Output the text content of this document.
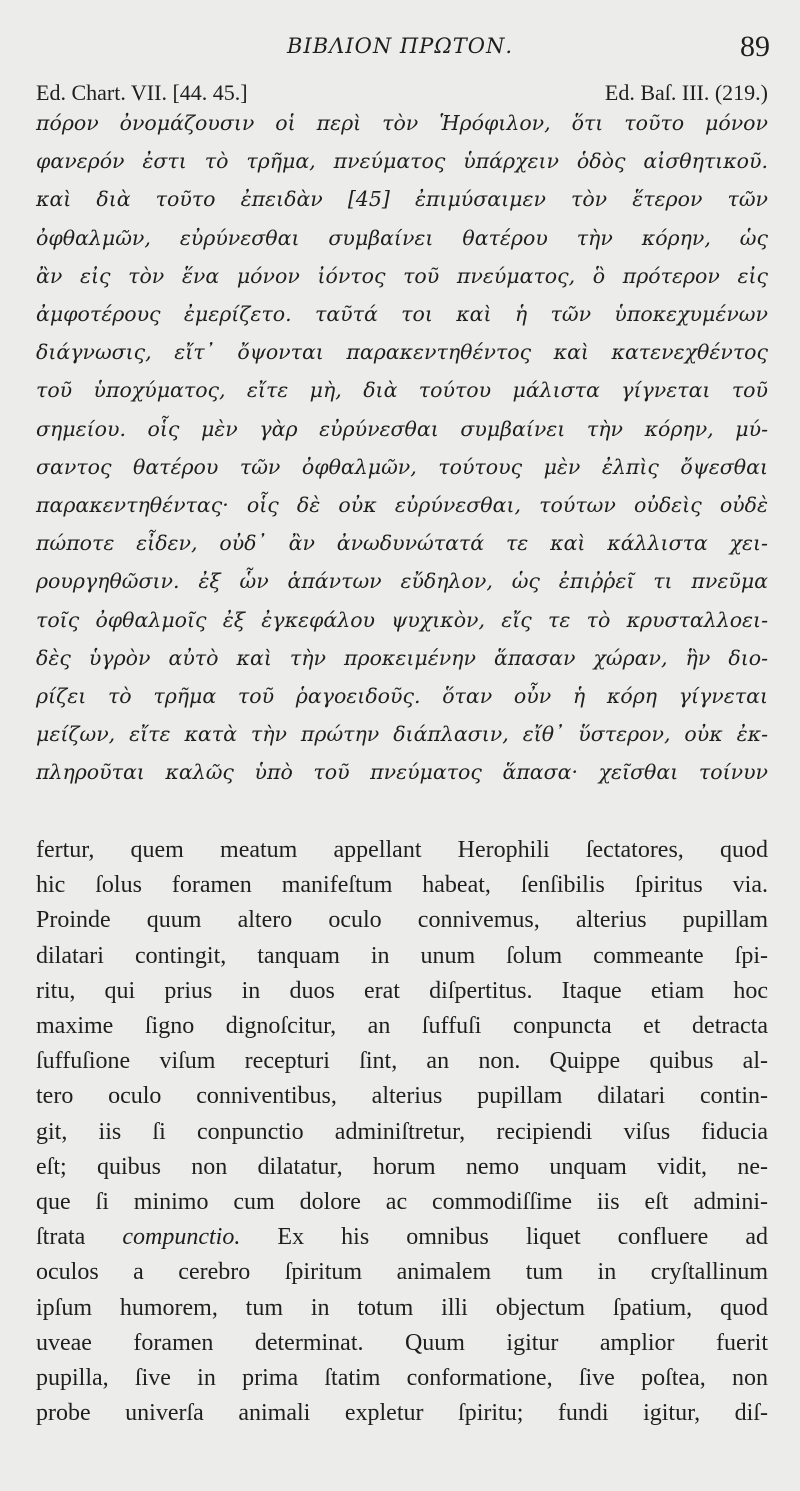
ΒΙΒΛΙΟΝ ΠΡΩΤΟΝ.	89
Ed. Chart. VII. [44. 45.]	Ed. Baſ. III. (219.)
πόρον ὀνομάζουσιν οἱ περὶ τὸν Ἡρόφιλον, ὅτι τοῦτο μόνον
φανερόν ἐστι τὸ τρῆμα, πνεύματος ὑπάρχειν ὁδὸς αἰσθητικοῦ.
καὶ διὰ τοῦτο ἐπειδὰν [45] ἐπιμύσαιμεν τὸν ἕτερον τῶν
ὀφθαλμῶν, εὐρύνεσθαι συμβαίνει θατέρου τὴν κόρην, ὡς
ἂν εἰς τὸν ἕνα μόνον ἰόντος τοῦ πνεύματος, ὃ πρότερον εἰς
ἀμφοτέρους ἐμερίζετο. ταῦτά τοι καὶ ἡ τῶν ὑποκεχυμένων
διάγνωσις, εἴτ᾽ ὄψονται παρακεντηθέντος καὶ κατενεχθέντος
τοῦ ὑποχύματος, εἴτε μὴ, διὰ τούτου μάλιστα γίγνεται τοῦ
σημείου. οἷς μὲν γὰρ εὐρύνεσθαι συμβαίνει τὴν κόρην, μύ-
σαντος θατέρου τῶν ὀφθαλμῶν, τούτους μὲν ἐλπὶς ὄψεσθαι
παρακεντηθέντας· οἷς δὲ οὐκ εὐρύνεσθαι, τούτων οὐδεὶς οὐδὲ
πώποτε εἶδεν, οὐδ᾽ ἂν ἀνωδυνώτατά τε καὶ κάλλιστα χει-
ρουργηθῶσιν. ἐξ ὧν ἁπάντων εὔδηλον, ὡς ἐπιῤῥεῖ τι πνεῦμα
τοῖς ὀφθαλμοῖς ἐξ ἐγκεφάλου ψυχικὸν, εἴς τε τὸ κρυσταλλοει-
δὲς ὑγρὸν αὐτὸ καὶ τὴν προκειμένην ἅπασαν χώραν, ἣν διο-
ρίζει τὸ τρῆμα τοῦ ῥαγοειδοῦς. ὅταν οὖν ἡ κόρη γίγνεται
μείζων, εἴτε κατὰ τὴν πρώτην διάπλασιν, εἴθ᾽ ὕστερον, οὐκ ἐκ-
πληροῦται καλῶς ὑπὸ τοῦ πνεύματος ἅπασα· χεῖσθαι τοίνυν
fertur, quem meatum appellant Herophili ſectatores, quod
hic ſolus foramen manifeſtum habeat, ſenſibilis ſpiritus via.
Proinde quum altero oculo connivemus, alterius pupillam
dilatari contingit, tanquam in unum ſolum commeante ſpi-
ritu, qui prius in duos erat diſpertitus. Itaque etiam hoc
maxime ſigno dignoſcitur, an ſuffuſi conpuncta et detracta
ſuffuſione viſum recepturi ſint, an non. Quippe quibus al-
tero oculo conniventibus, alterius pupillam dilatari contin-
git, iis ſi conpunctio adminiſtretur, recipiendi viſus fiducia
eſt; quibus non dilatatur, horum nemo unquam vidit, ne-
que ſi minimo cum dolore ac commodiſſime iis eſt admini-
ſtrata compunctio. Ex his omnibus liquet confluere ad
oculos a cerebro ſpiritum animalem tum in cryſtallinum
ipſum humorem, tum in totum illi objectum ſpatium, quod
uveae foramen determinat. Quum igitur amplior fuerit
pupilla, ſive in prima ſtatim conformatione, ſive poſtea, non
probe univerſa animali expletur ſpiritu; fundi igitur, diſ-
